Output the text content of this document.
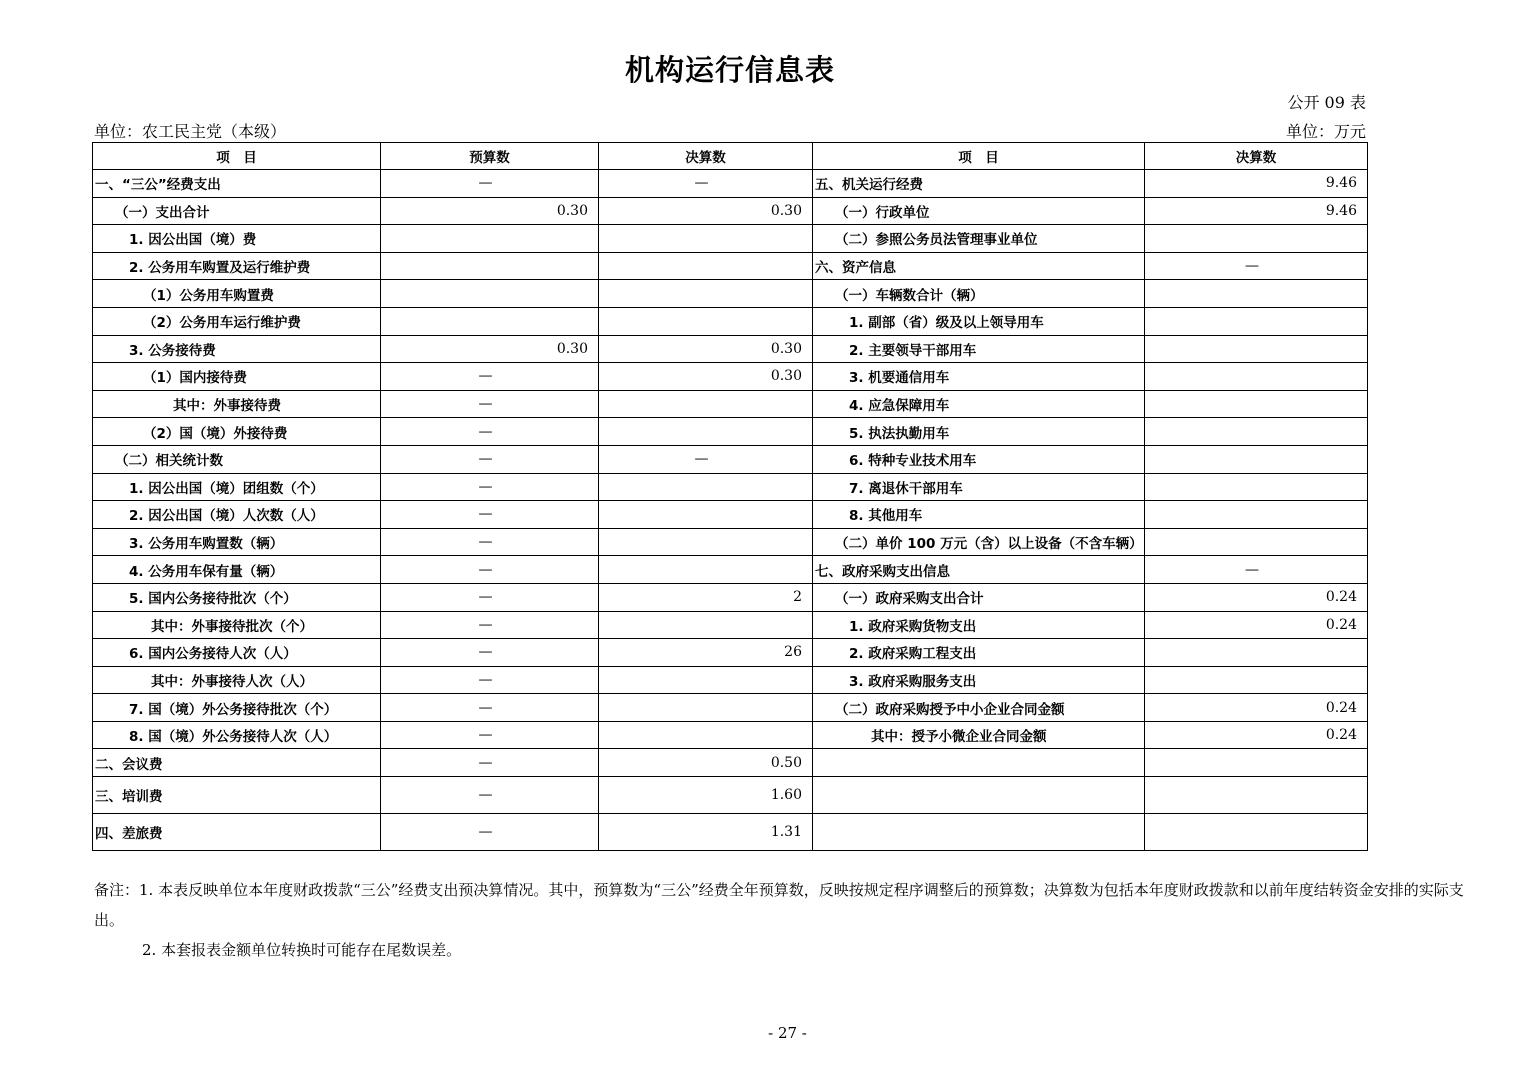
机构运行信息表
公开 09 表
单位：农工民主党（本级）	单位：万元
项　目	预算数	决算数	项　目	决算数
一、“三公”经费支出	—	—	五、机关运行经费	9.46
（一）支出合计	0.30	0.30	（一）行政单位	9.46
1. 因公出国（境）费			（二）参照公务员法管理事业单位	
2. 公务用车购置及运行维护费			六、资产信息	—
（1）公务用车购置费			（一）车辆数合计（辆）	
（2）公务用车运行维护费			1. 副部（省）级及以上领导用车	
3. 公务接待费	0.30	0.30	2. 主要领导干部用车	
（1）国内接待费	—	0.30	3. 机要通信用车	
其中：外事接待费	—		4. 应急保障用车	
（2）国（境）外接待费	—		5. 执法执勤用车	
（二）相关统计数	—	—	6. 特种专业技术用车	
1. 因公出国（境）团组数（个）	—		7. 离退休干部用车	
2. 因公出国（境）人次数（人）	—		8. 其他用车	
3. 公务用车购置数（辆）	—		（二）单价 100 万元（含）以上设备（不含车辆）	
4. 公务用车保有量（辆）	—		七、政府采购支出信息	—
5. 国内公务接待批次（个）	—	2	（一）政府采购支出合计	0.24
其中：外事接待批次（个）	—		1. 政府采购货物支出	0.24
6. 国内公务接待人次（人）	—	26	2. 政府采购工程支出	
其中：外事接待人次（人）	—		3. 政府采购服务支出	
7. 国（境）外公务接待批次（个）	—		（二）政府采购授予中小企业合同金额	0.24
8. 国（境）外公务接待人次（人）	—		其中：授予小微企业合同金额	0.24
二、会议费	—	0.50		
三、培训费	—	1.60		
四、差旅费	—	1.31		

备注：1. 本表反映单位本年度财政拨款“三公”经费支出预决算情况。其中，预算数为“三公”经费全年预算数，反映按规定程序调整后的预算数；决算数为包括本年度财政拨款和以前年度结转资金安排的实际支出。

2. 本套报表金额单位转换时可能存在尾数误差。

- 27 -
